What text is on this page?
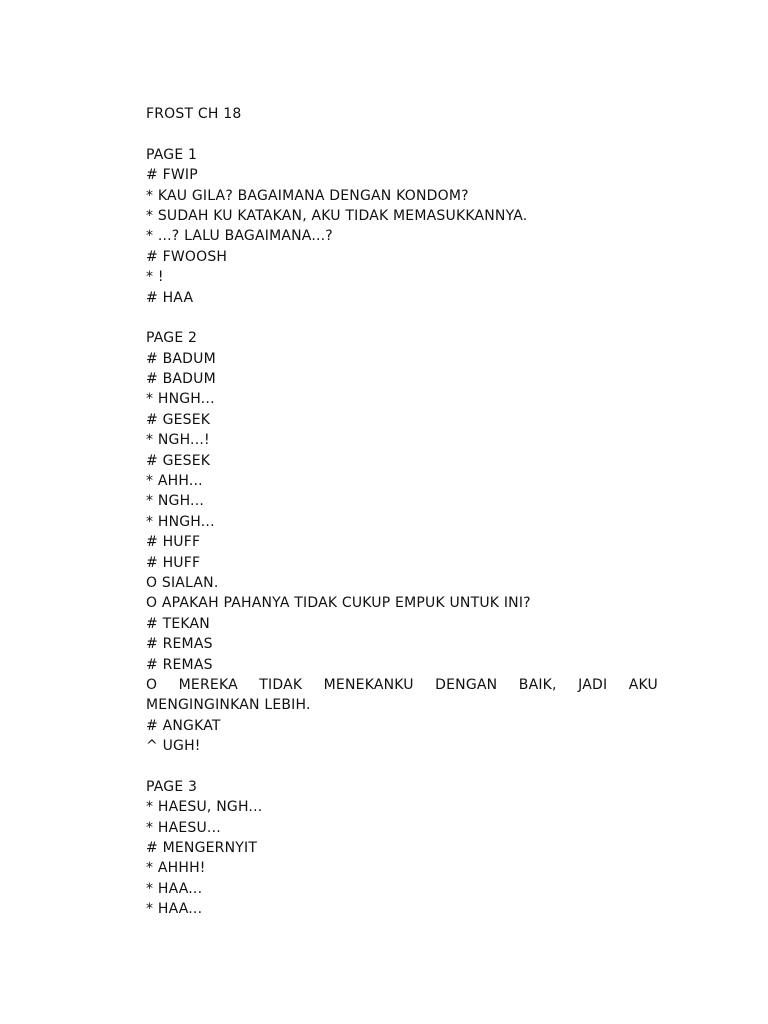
FROST CH 18
PAGE 1
# FWIP
* KAU GILA? BAGAIMANA DENGAN KONDOM?
* SUDAH KU KATAKAN, AKU TIDAK MEMASUKKANNYA.
* ...? LALU BAGAIMANA...?
# FWOOSH
* !
# HAA
PAGE 2
# BADUM
# BADUM
* HNGH...
# GESEK
* NGH...!
# GESEK
* AHH...
* NGH...
* HNGH...
# HUFF
# HUFF
O SIALAN.
O APAKAH PAHANYA TIDAK CUKUP EMPUK UNTUK INI?
# TEKAN
# REMAS
# REMAS
O MEREKA TIDAK MENEKANKU DENGAN BAIK, JADI AKU
MENGINGINKAN LEBIH.
# ANGKAT
^ UGH!
PAGE 3
* HAESU, NGH...
* HAESU...
# MENGERNYIT
* AHHH!
* HAA...
* HAA...
